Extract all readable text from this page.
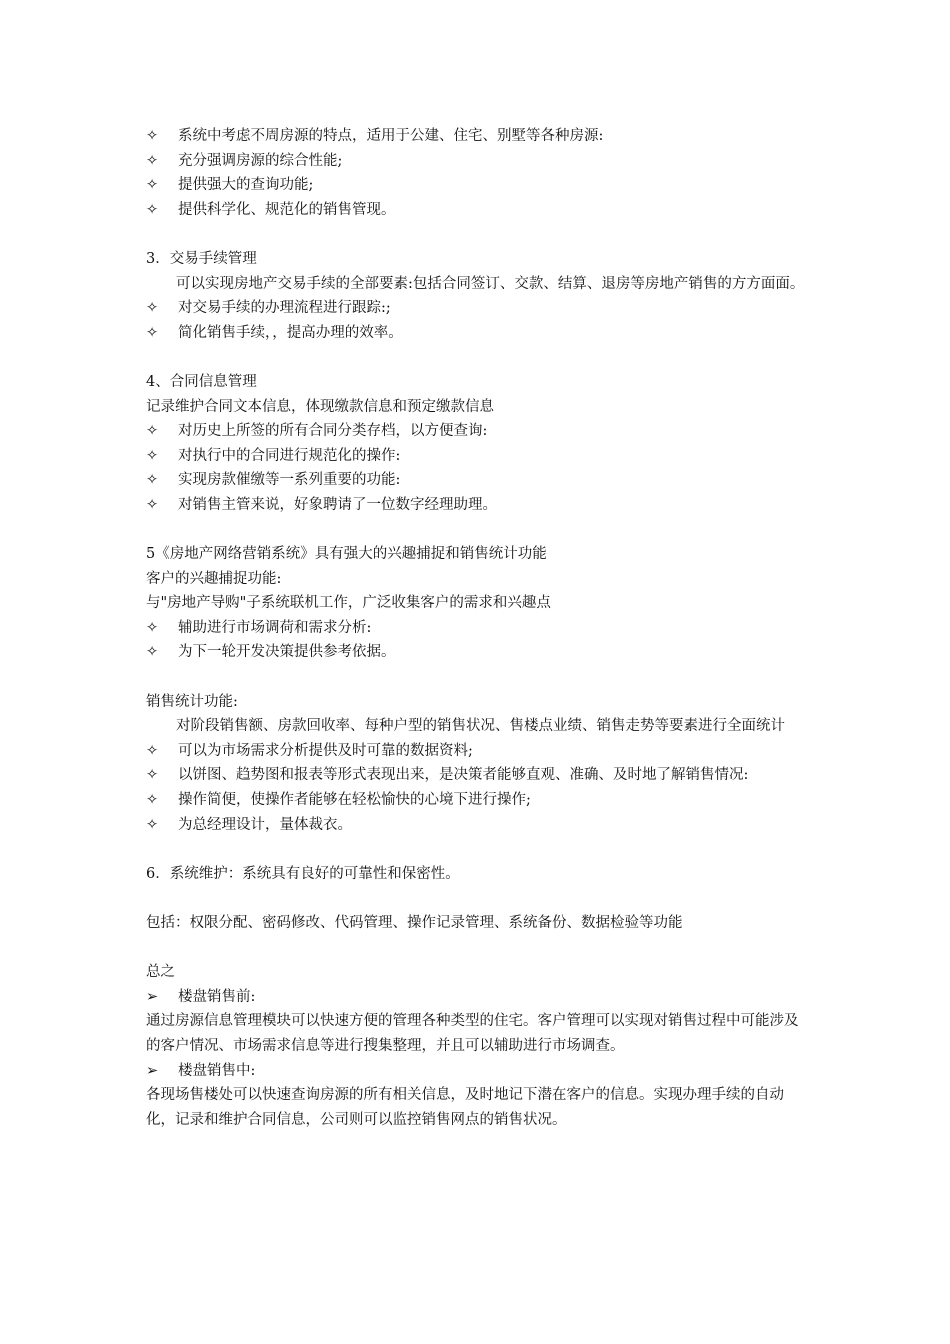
✧	系统中考虑不周房源的特点，适用于公建、住宅、别墅等各种房源:
✧	充分强调房源的综合性能;
✧	提供强大的查询功能;
✧	提供科学化、规范化的销售管现。

3．交易手续管理

可以实现房地产交易手续的全部要素:包括合同签订、交款、结算、退房等房地产销售的方方面面。

✧	对交易手续的办理流程进行跟踪:;
✧	简化销售手续，，提高办理的效率。

4、合同信息管理

记录维护合同文本信息，体现缴款信息和预定缴款信息

✧	对历史上所签的所有合同分类存档，以方便查询:
✧	对执行中的合同进行规范化的操作:
✧	实现房款催缴等一系列重要的功能:
✧	对销售主管来说，好象聘请了一位数字经理助理。

5《房地产网络营销系统》具有强大的兴趣捕捉和销售统计功能

客户的兴趣捕捉功能:

与"房地产导购"子系统联机工作，广泛收集客户的需求和兴趣点

✧	辅助进行市场调荷和需求分析:
✧	为下一轮开发决策提供参考依据。

销售统计功能:

对阶段销售额、房款回收率、每种户型的销售状况、售楼点业绩、销售走势等要素进行全面统计

✧	可以为市场需求分析提供及时可靠的数据资料;
✧	以饼图、趋势图和报表等形式表现出来，是决策者能够直观、准确、及时地了解销售情况:
✧	操作简便，使操作者能够在轻松愉快的心境下进行操作;
✧	为总经理设计，量体裁衣。

6．系统维护：系统具有良好的可靠性和保密性。

包括：权限分配、密码修改、代码管理、操作记录管理、系统备份、数据检验等功能

总之

➢	楼盘销售前:

通过房源信息管理模块可以快速方便的管理各种类型的住宅。客户管理可以实现对销售过程中可能涉及的客户情况、市场需求信息等进行搜集整理，并且可以辅助进行市场调查。

➢	楼盘销售中:

各现场售楼处可以快速查询房源的所有相关信息，及时地记下潜在客户的信息。实现办理手续的自动化，记录和维护合同信息，公司则可以监控销售网点的销售状况。
